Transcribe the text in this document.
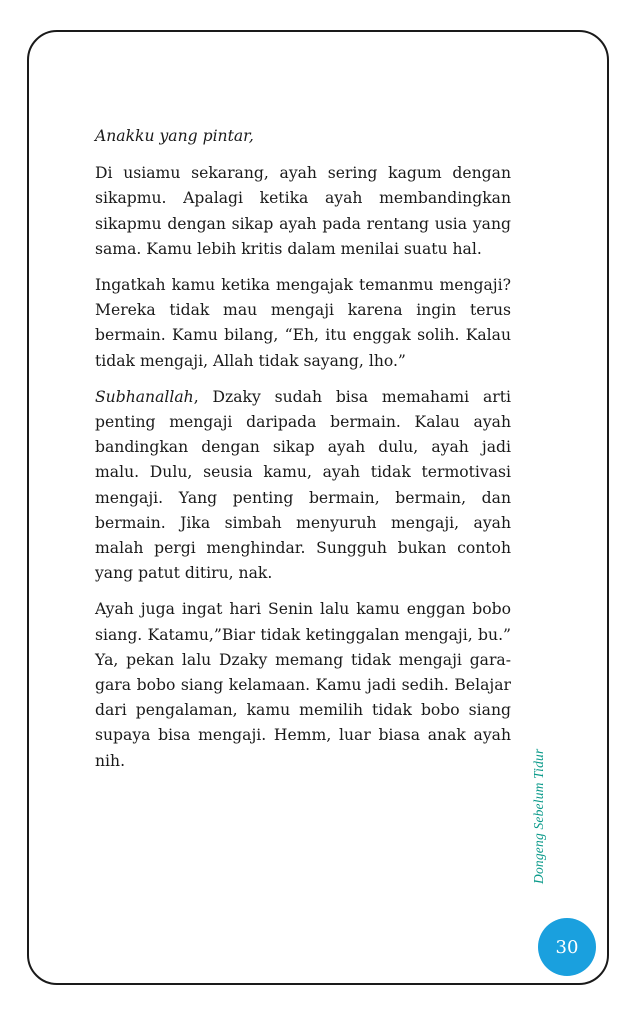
Anakku yang pintar,

Di usiamu sekarang, ayah sering kagum dengan sikapmu. Apalagi ketika ayah membandingkan sikapmu dengan sikap ayah pada rentang usia yang sama. Kamu lebih kritis dalam menilai suatu hal.

Ingatkah kamu ketika mengajak temanmu mengaji? Mereka tidak mau mengaji karena ingin terus bermain. Kamu bilang, “Eh, itu enggak solih. Kalau tidak mengaji, Allah tidak sayang, lho.”

Subhanallah, Dzaky sudah bisa memahami arti penting mengaji daripada bermain. Kalau ayah bandingkan dengan sikap ayah dulu, ayah jadi malu. Dulu, seusia kamu, ayah tidak termotivasi mengaji. Yang penting bermain, bermain, dan bermain. Jika simbah menyuruh mengaji, ayah malah pergi menghindar. Sungguh bukan contoh yang patut ditiru, nak.

Ayah juga ingat hari Senin lalu kamu enggan bobo siang. Katamu,”Biar tidak ketinggalan mengaji, bu.” Ya, pekan lalu Dzaky memang tidak mengaji gara-gara bobo siang kelamaan. Kamu jadi sedih. Belajar dari pengalaman, kamu memilih tidak bobo siang supaya bisa mengaji. Hemm, luar biasa anak ayah nih.	Dongeng Sebelum Tidur
30
